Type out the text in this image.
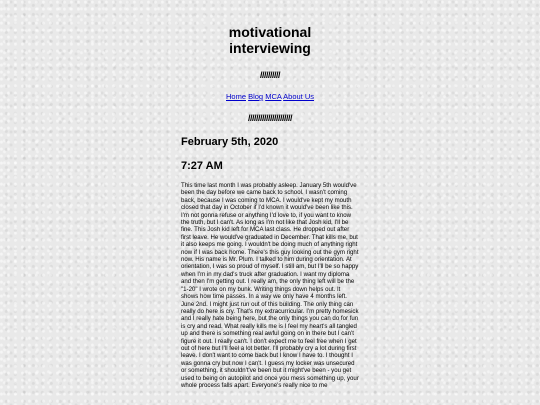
motivational
interviewing
//////////
Home Blog MCA About Us
//////////////////////
February 5th, 2020
7:27 AM
This time last month I was probably asleep. January 5th would've been the day before we came back to school. I wasn't coming back, because I was coming to MCA. I would've kept my mouth closed that day in October if I'd known it would've been like this. I'm not gonna refuse or anything I'd love to, if you want to know the truth, but I can't. As long as I'm not like that Josh kid, I'll be fine. This Josh kid left for MCA last class. He dropped out after first leave. He would've graduated in December. That kills me, but it also keeps me going. I wouldn't be doing much of anything right now if I was back home. There's this guy looking out the gym right now. His name is Mr. Plum. I talked to him during orientation. At orientation, I was so proud of myself. I still am, but I'll be so happy when I'm in my dad's truck after graduation. I want my diploma and then I'm getting out. I really am, the only thing left will be the "1-20" I wrote on my bunk. Writing things down helps out. It shows how time passes. In a way we only have 4 months left. June 2nd. I might just run out of this building. The only thing can really do here is cry. That's my extracurricular. I'm pretty homesick and I really hate being here, but the only things you can do for fun is cry and read. What really kills me is I feel my heart's all tangled up and there is something real awful going on in there but I can't figure it out. I really can't. I don't expect me to feel free when I get out of here but I'll feel a lot better. I'll probably cry a lot during first leave. I don't want to come back but I know I have to. I thought I was gonna cry but now I can't. I guess my locker was unsecured or something, it shouldn't've been but it might've been - you get used to being on autopilot and once you mess something up, your whole process falls apart. Everyone's really nice to me
